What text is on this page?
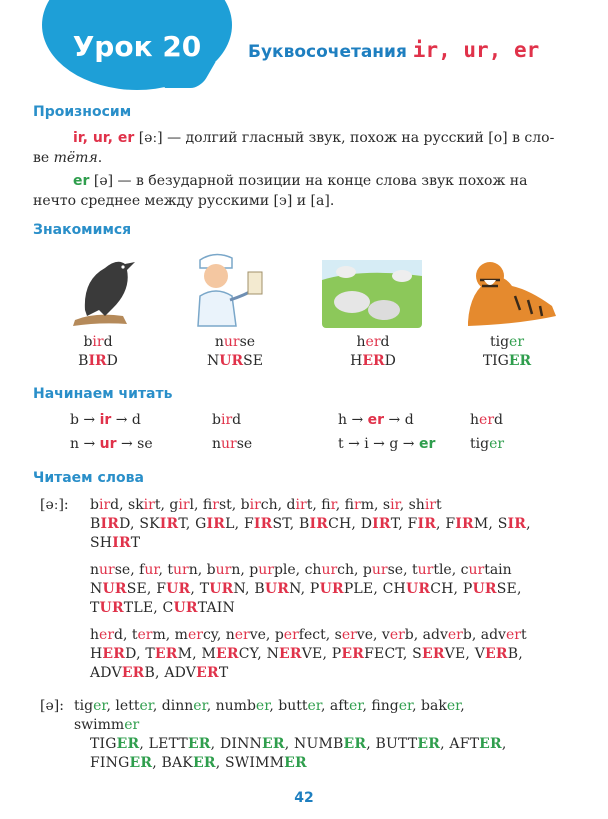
Урок 20	Буквосочетания ir, ur, er
Произносим

ir, ur, er [əː] — долгий гласный звук, похож на русский [о] в сло-

ве тётя.

er [ə] — в безударной позиции на конце слова звук похож на

нечто среднее между русскими [э] и [а].
Знакомимся
bird
BIRD
nurse
NURSE
herd
HERD
tiger
TIGER
Начинаем читать
b → ir → d	bird	h → er → d	herd
n → ur → se	nurse	t → i → g → er tiger
Читаем слова
[əː]: bird, skirt, girl, first, birch, dirt, fir, firm, sir, shirt
BIRD, SKIRT, GIRL, FIRST, BIRCH, DIRT, FIR, FIRM, SIR,
SHIRT
nurse, fur, turn, burn, purple, church, purse, turtle, curtain
NURSE, FUR, TURN, BURN, PURPLE, CHURCH, PURSE,
TURTLE, CURTAIN
herd, term, mercy, nerve, perfect, serve, verb, adverb, advert
HERD, TERM, MERCY, NERVE, PERFECT, SERVE, VERB,
ADVERB, ADVERT
[ə]: tiger, letter, dinner, number, butter, after, finger, baker,
swimmer
TIGER, LETTER, DINNER, NUMBER, BUTTER, AFTER,
FINGER, BAKER, SWIMMER
42
